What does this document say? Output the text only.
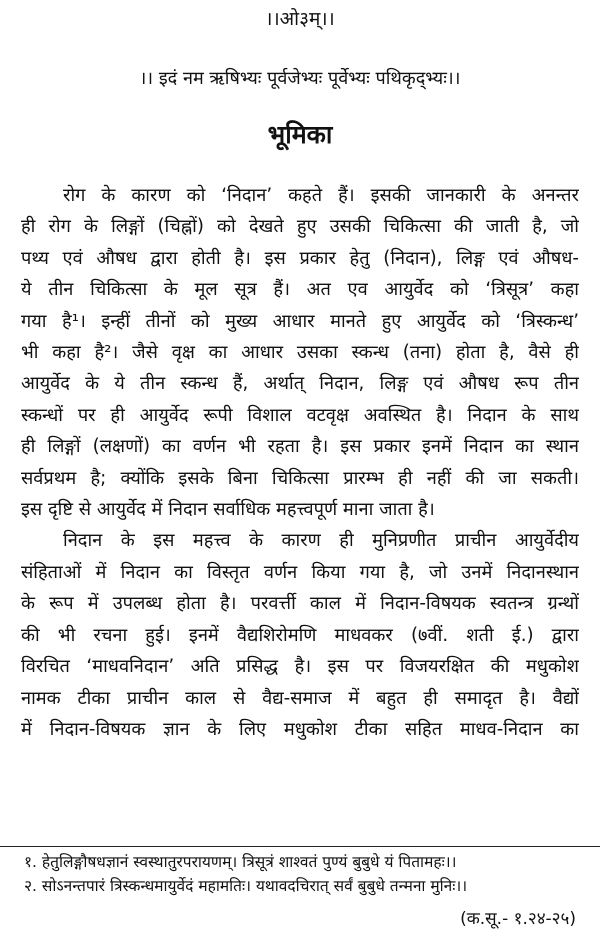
।।ओ३म्।।
।। इदं नम ऋषिभ्यः पूर्वजेभ्यः पूर्वेभ्यः पथिकृद्भ्यः।।
भूमिका

रोग के कारण को ‘निदान’ कहते हैं। इसकी जानकारी के अनन्तर
ही रोग के लिङ्गों (चिह्नों) को देखते हुए उसकी चिकित्सा की जाती है, जो
पथ्य एवं औषध द्वारा होती है। इस प्रकार हेतु (निदान), लिङ्ग एवं औषध-
ये तीन चिकित्सा के मूल सूत्र हैं। अत एव आयुर्वेद को ‘त्रिसूत्र’ कहा
गया है¹। इन्हीं तीनों को मुख्य आधार मानते हुए आयुर्वेद को ‘त्रिस्कन्ध’
भी कहा है²। जैसे वृक्ष का आधार उसका स्कन्ध (तना) होता है, वैसे ही
आयुर्वेद के ये तीन स्कन्ध हैं, अर्थात् निदान, लिङ्ग एवं औषध रूप तीन
स्कन्धों पर ही आयुर्वेद रूपी विशाल वटवृक्ष अवस्थित है। निदान के साथ
ही लिङ्गों (लक्षणों) का वर्णन भी रहता है। इस प्रकार इनमें निदान का स्थान
सर्वप्रथम है; क्योंकि इसके बिना चिकित्सा प्रारम्भ ही नहीं की जा सकती।
इस दृष्टि से आयुर्वेद में निदान सर्वाधिक महत्त्वपूर्ण माना जाता है।

निदान के इस महत्त्व के कारण ही मुनिप्रणीत प्राचीन आयुर्वेदीय
संहिताओं में निदान का विस्तृत वर्णन किया गया है, जो उनमें निदानस्थान
के रूप में उपलब्ध होता है। परवर्त्ती काल में निदान-विषयक स्वतन्त्र ग्रन्थों
की भी रचना हुई। इनमें वैद्यशिरोमणि माधवकर (७वीं. शती ई.) द्वारा
विरचित ‘माधवनिदान’ अति प्रसिद्ध है। इस पर विजयरक्षित की मधुकोश
नामक टीका प्राचीन काल से वैद्य-समाज में बहुत ही समादृत है। वैद्यों
में निदान-विषयक ज्ञान के लिए मधुकोश टीका सहित माधव-निदान का

१. हेतुलिङ्गौषधज्ञानं स्वस्थातुरपरायणम्। त्रिसूत्रं शाश्वतं पुण्यं बुबुधे यं पितामहः।।
२. सोऽनन्तपारं त्रिस्कन्धमायुर्वेदं महामतिः। यथावदचिरात् सर्वं बुबुधे तन्मना मुनिः।।
(क.सू.- १.२४-२५)
